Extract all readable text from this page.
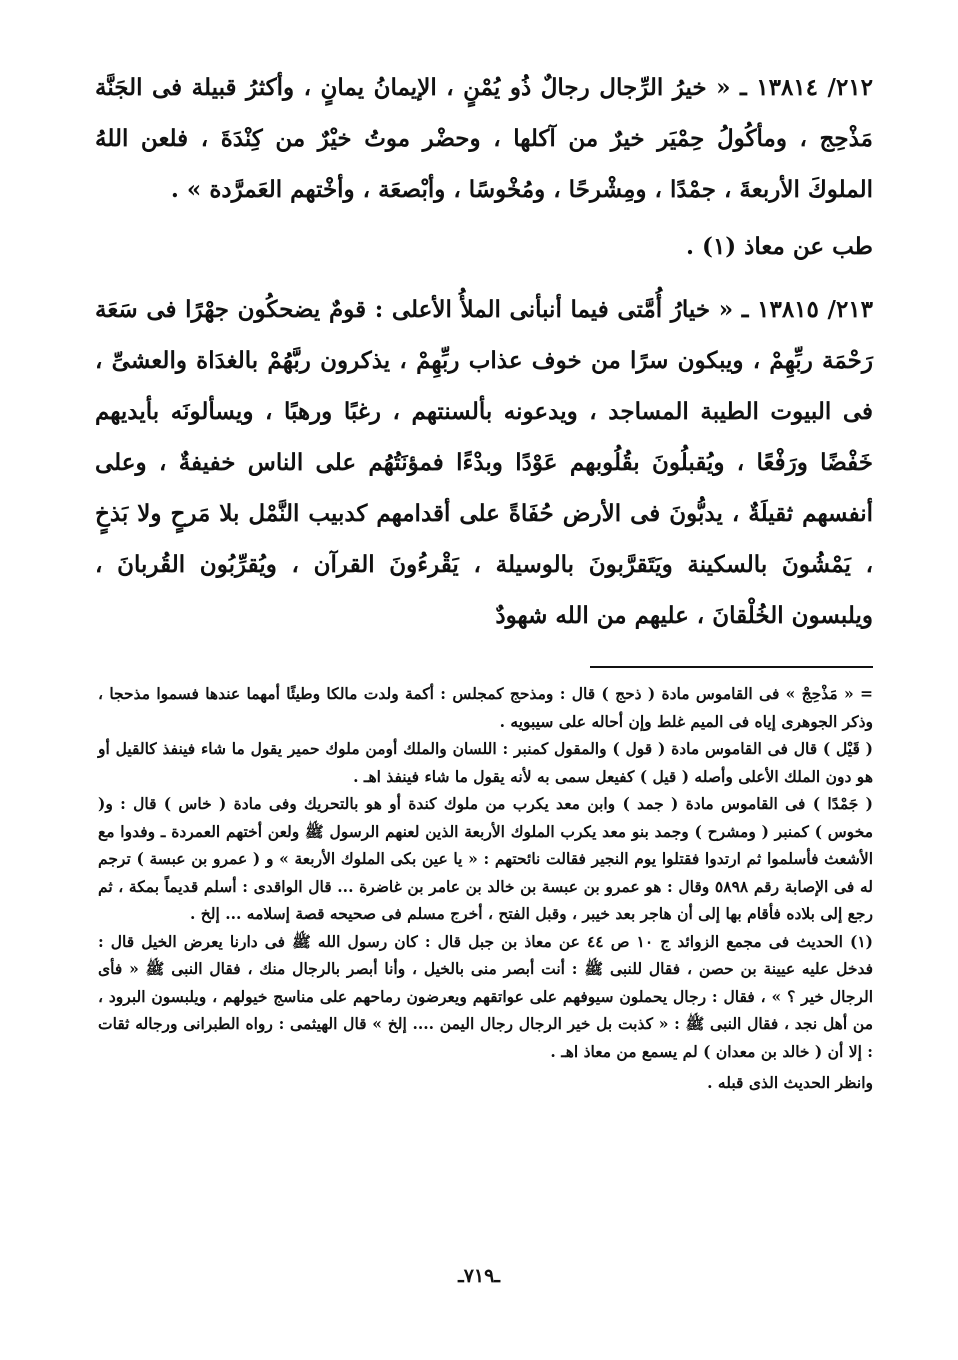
٢١٢/ ١٣٨١٤ ـ « خيرُ الرِّجال رجالٌ ذُو يُمْنٍ ، الإيمانُ يمانٍ ، وأكثرُ قبيلة فى الجَنَّة مَذْحِج ، ومأكُولُ حِمْيَر خيرٌ من آكلها ، وحضْر موتُ خيْرٌ من كِنْدَةَ ، فلعن اللهُ الملوكَ الأربعةَ ، جمْدًا ، ومِشْرحًا ، ومُخْوسًا ، وأبْصعَة ، وأخْتهم العَمرَّدة » .

طب عن معاذ (١) .

٢١٣/ ١٣٨١٥ ـ « خيارُ أُمَّتى فيما أنبأنى الملأُ الأعلى : قومٌ يضحكُون جهْرًا فى سَعَة رَحْمَة ربِّهِمْ ، ويبكون سرًا من خوف عذاب ربِّهِمْ ، يذكرون ربَّهُمْ بالغدَاة والعشىِّ ، فى البيوت الطيبة المساجد ، ويدعونه بألسنتهم ، رغبًا ورهبًا ، ويسألونَه بأيديهم خَفْضًا ورَفْعًا ، ويُقبلُونَ بقُلُوبهم عَوْدًا وبدْءًا فمؤنَتُهُم على الناس خفيفةٌ ، وعلى أنفسهم ثقيلَةٌ ، يدبُّونَ فى الأرض حُفَاةً على أقدامهم كدبيب النَّمْل بلا مَرحٍ ولا بَذخٍ ، يَمْشُونَ بالسكينة ويَتَقرَّبونَ بالوسيلة ، يَقْرءُونَ القرآن ، ويُقرِّبُون القُربانَ ، ويلبسون الخُلْقانَ ، عليهم من الله شهودٌ

= « مَذْحِجْ » فى القاموس مادة ( ذحج ) قال : ومذحج كمجلس : أكمة ولدت مالكا وطيئًا أمهما عندها فسموا مذحجا ، وذكر الجوهرى إياه فى الميم غلط وإن أحاله على سيبويه .

( قَيْل ) قال فى القاموس مادة ( قول ) والمقول كمنبر : اللسان والملك أومن ملوك حمير يقول ما شاء فينفذ كالقيل أو هو دون الملك الأعلى وأصله ( قيل ) كفيعل سمى به لأنه يقول ما شاء فينفذ اهـ .

( جَمْدًا ) فى القاموس مادة ( جمد ) وابن معد يكرب من ملوك كندة أو هو بالتحريك وفى مادة ( خاس ) قال : و( مخوس ) كمنبر ( ومشرح ) وجمد بنو معد يكرب الملوك الأربعة الذين لعنهم الرسول ﷺ ولعن أختهم العمردة ـ وفدوا مع الأشعث فأسلموا ثم ارتدوا فقتلوا يوم النجير فقالت نائحتهم : « يا عين بكى الملوك الأربعة » و ( عمرو بن عبسة ) ترجم له فى الإصابة رقم ٥٨٩٨ وقال : هو عمرو بن عبسة بن خالد بن عامر بن غاضرة ... قال الواقدى : أسلم قديماً بمكة ، ثم رجع إلى بلاده فأقام بها إلى أن هاجر بعد خيبر ، وقبل الفتح ، أخرج مسلم فى صحيحه قصة إسلامه ... إلخ .

(١) الحديث فى مجمع الزوائد ج ١٠ ص ٤٤ عن معاذ بن جبل قال : كان رسول الله ﷺ فى دارنا يعرض الخيل قال : فدخل عليه عيينة بن حصن ، فقال للنبى ﷺ : أنت أبصر منى بالخيل ، وأنا أبصر بالرجال منك ، فقال النبى ﷺ « فأى الرجال خير ؟ » ، فقال : رجال يحملون سيوفهم على عواتقهم ويعرضون رماحهم على مناسج خيولهم ، ويلبسون البرود ، من أهل نجد ، فقال النبى ﷺ : « كذبت بل خير الرجال رجال اليمن .... إلخ » قال الهيثمى : رواه الطبرانى ورجاله ثقات : إلا أن ( خالد بن معدان ) لم يسمع من معاذ اهـ .

وانظر الحديث الذى قبله .

ـ٧١٩ـ
